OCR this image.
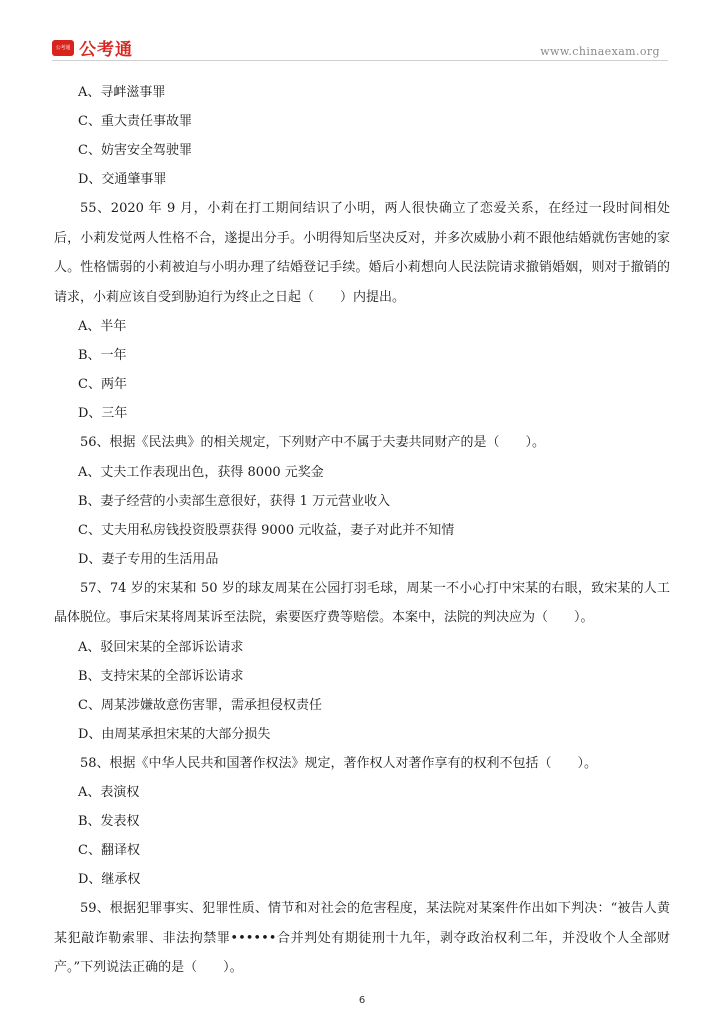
公考通 公考通	www.chinaexam.org
A、寻衅滋事罪
C、重大责任事故罪
C、妨害安全驾驶罪
D、交通肇事罪
55、2020 年 9 月，小莉在打工期间结识了小明，两人很快确立了恋爱关系，在经过一段时间相处后，小莉发觉两人性格不合，遂提出分手。小明得知后坚决反对，并多次威胁小莉不跟他结婚就伤害她的家人。性格懦弱的小莉被迫与小明办理了结婚登记手续。婚后小莉想向人民法院请求撤销婚姻，则对于撤销的请求，小莉应该自受到胁迫行为终止之日起（　　）内提出。
A、半年
B、一年
C、两年
D、三年
56、根据《民法典》的相关规定，下列财产中不属于夫妻共同财产的是（　　）。
A、丈夫工作表现出色，获得 8000 元奖金
B、妻子经营的小卖部生意很好，获得 1 万元营业收入
C、丈夫用私房钱投资股票获得 9000 元收益，妻子对此并不知情
D、妻子专用的生活用品
57、74 岁的宋某和 50 岁的球友周某在公园打羽毛球，周某一不小心打中宋某的右眼，致宋某的人工晶体脱位。事后宋某将周某诉至法院，索要医疗费等赔偿。本案中，法院的判决应为（　　）。
A、驳回宋某的全部诉讼请求
B、支持宋某的全部诉讼请求
C、周某涉嫌故意伤害罪，需承担侵权责任
D、由周某承担宋某的大部分损失
58、根据《中华人民共和国著作权法》规定，著作权人对著作享有的权利不包括（　　）。
A、表演权
B、发表权
C、翻译权
D、继承权
59、根据犯罪事实、犯罪性质、情节和对社会的危害程度，某法院对某案件作出如下判决：“被告人黄某犯敲诈勒索罪、非法拘禁罪••••••合并判处有期徒刑十九年，剥夺政治权利二年，并没收个人全部财产。”下列说法正确的是（　　）。
6
